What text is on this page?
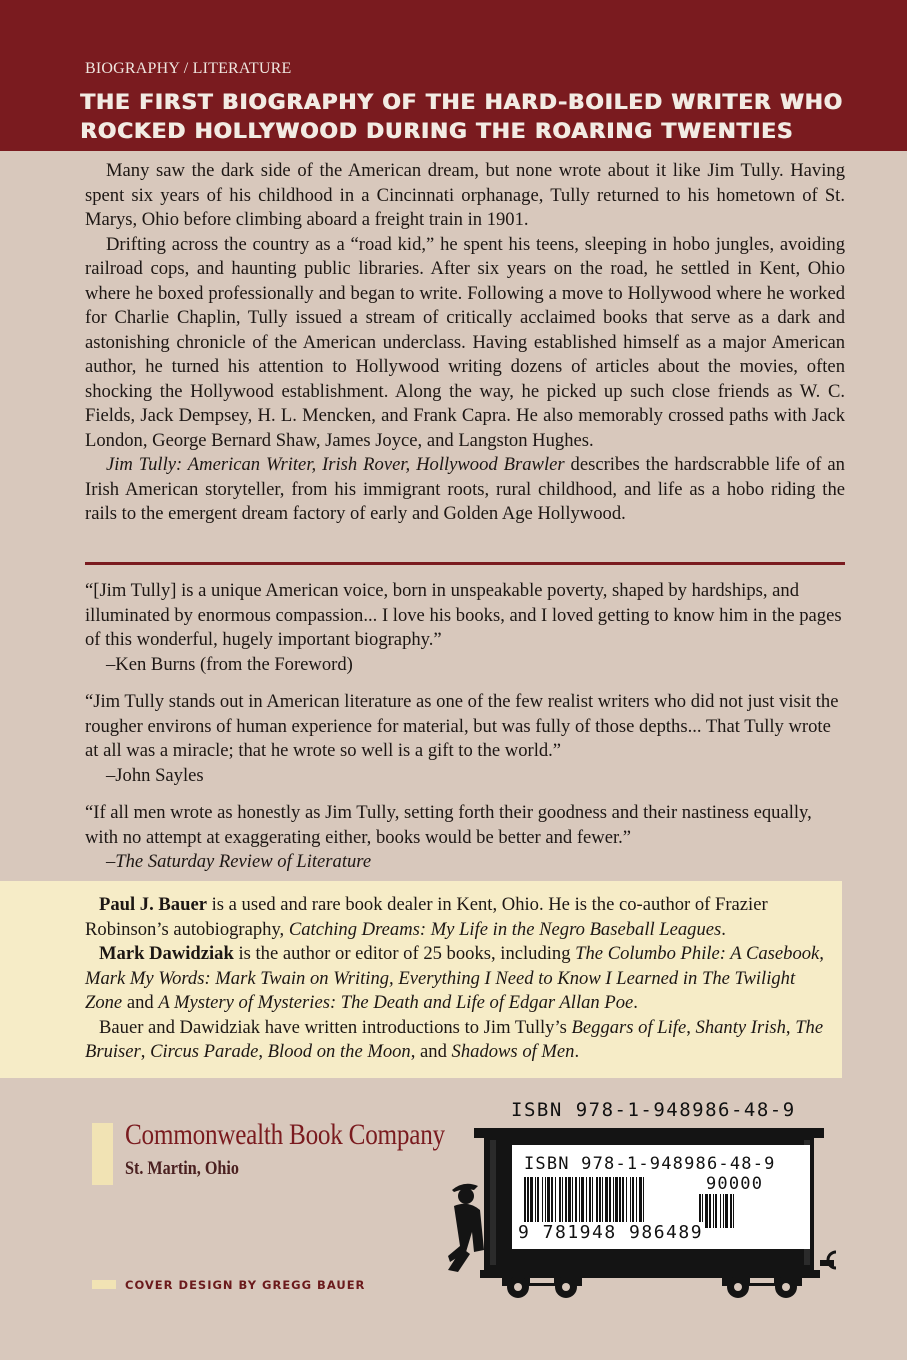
BIOGRAPHY / LITERATURE
THE FIRST BIOGRAPHY OF THE HARD-BOILED WRITER WHO
ROCKED HOLLYWOOD DURING THE ROARING TWENTIES

Many saw the dark side of the American dream, but none wrote about it like Jim Tully. Having spent six years of his childhood in a Cincinnati orphanage, Tully returned to his hometown of St. Marys, Ohio before climbing aboard a freight train in 1901.

Drifting across the country as a “road kid,” he spent his teens, sleeping in hobo jungles, avoiding railroad cops, and haunting public libraries. After six years on the road, he settled in Kent, Ohio where he boxed professionally and began to write. Following a move to Hollywood where he worked for Charlie Chaplin, Tully issued a stream of critically acclaimed books that serve as a dark and astonishing chronicle of the American underclass. Having established himself as a major American author, he turned his attention to Hollywood writing dozens of articles about the movies, often shocking the Hollywood establishment. Along the way, he picked up such close friends as W. C. Fields, Jack Dempsey, H. L. Mencken, and Frank Capra. He also memorably crossed paths with Jack London, George Bernard Shaw, James Joyce, and Langston Hughes.

Jim Tully: American Writer, Irish Rover, Hollywood Brawler describes the hardscrabble life of an Irish American storyteller, from his immigrant roots, rural childhood, and life as a hobo riding the rails to the emergent dream factory of early and Golden Age Hollywood.

“[Jim Tully] is a unique American voice, born in unspeakable poverty, shaped by hardships, and illuminated by enormous compassion... I love his books, and I loved getting to know him in the pages of this wonderful, hugely important biography.”

–Ken Burns (from the Foreword)

“Jim Tully stands out in American literature as one of the few realist writers who did not just visit the rougher environs of human experience for material, but was fully of those depths... That Tully wrote at all was a miracle; that he wrote so well is a gift to the world.”

–John Sayles

“If all men wrote as honestly as Jim Tully, setting forth their goodness and their nastiness equally, with no attempt at exaggerating either, books would be better and fewer.”

–The Saturday Review of Literature

Paul J. Bauer is a used and rare book dealer in Kent, Ohio. He is the co-author of Frazier Robinson’s autobiography, Catching Dreams: My Life in the Negro Baseball Leagues.

Mark Dawidziak is the author or editor of 25 books, including The Columbo Phile: A Casebook, Mark My Words: Mark Twain on Writing, Everything I Need to Know I Learned in The Twilight Zone and A Mystery of Mysteries: The Death and Life of Edgar Allan Poe.

Bauer and Dawidziak have written introductions to Jim Tully’s Beggars of Life, Shanty Irish, The Bruiser, Circus Parade, Blood on the Moon, and Shadows of Men.

Commonwealth Book Company
St. Martin, Ohio
COVER DESIGN BY GREGG BAUER
ISBN 978-1-948986-48-9
ISBN 978-1-948986-48-9
90000
9 781948 986489
